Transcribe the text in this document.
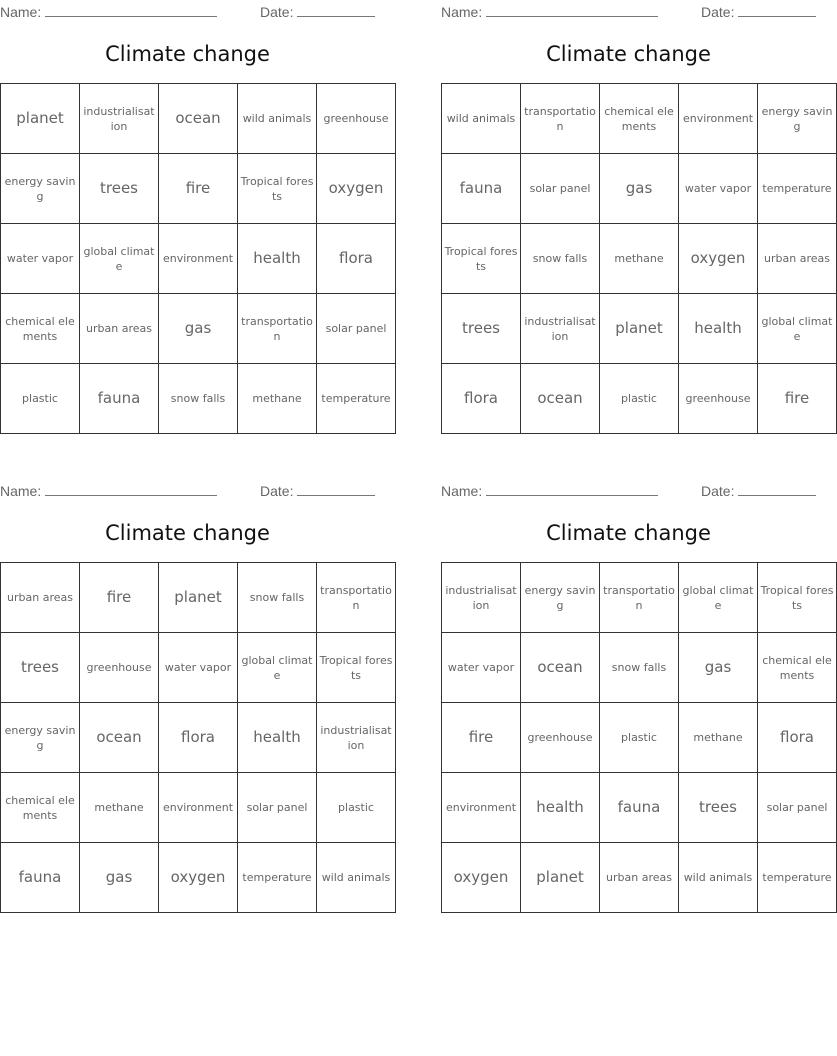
Name:	Date:
Climate change
planet	industrialisation	ocean	wild animals	greenhouse
energy saving	trees	fire	Tropical forests	oxygen
water vapor	global climate	environment	health	flora
chemical elements	urban areas	gas	transportation	solar panel
plastic	fauna	snow falls	methane	temperature
Name:	Date:
Climate change
wild animals	transportation	chemical elements	environment	energy saving
fauna	solar panel	gas	water vapor	temperature
Tropical forests	snow falls	methane	oxygen	urban areas
trees	industrialisation	planet	health	global climate
flora	ocean	plastic	greenhouse	fire
Name:	Date:
Climate change
urban areas	fire	planet	snow falls	transportation
trees	greenhouse	water vapor	global climate	Tropical forests
energy saving	ocean	flora	health	industrialisation
chemical elements	methane	environment	solar panel	plastic
fauna	gas	oxygen	temperature	wild animals
Name:	Date:
Climate change
industrialisation	energy saving	transportation	global climate	Tropical forests
water vapor	ocean	snow falls	gas	chemical elements
fire	greenhouse	plastic	methane	flora
environment	health	fauna	trees	solar panel
oxygen	planet	urban areas	wild animals	temperature
